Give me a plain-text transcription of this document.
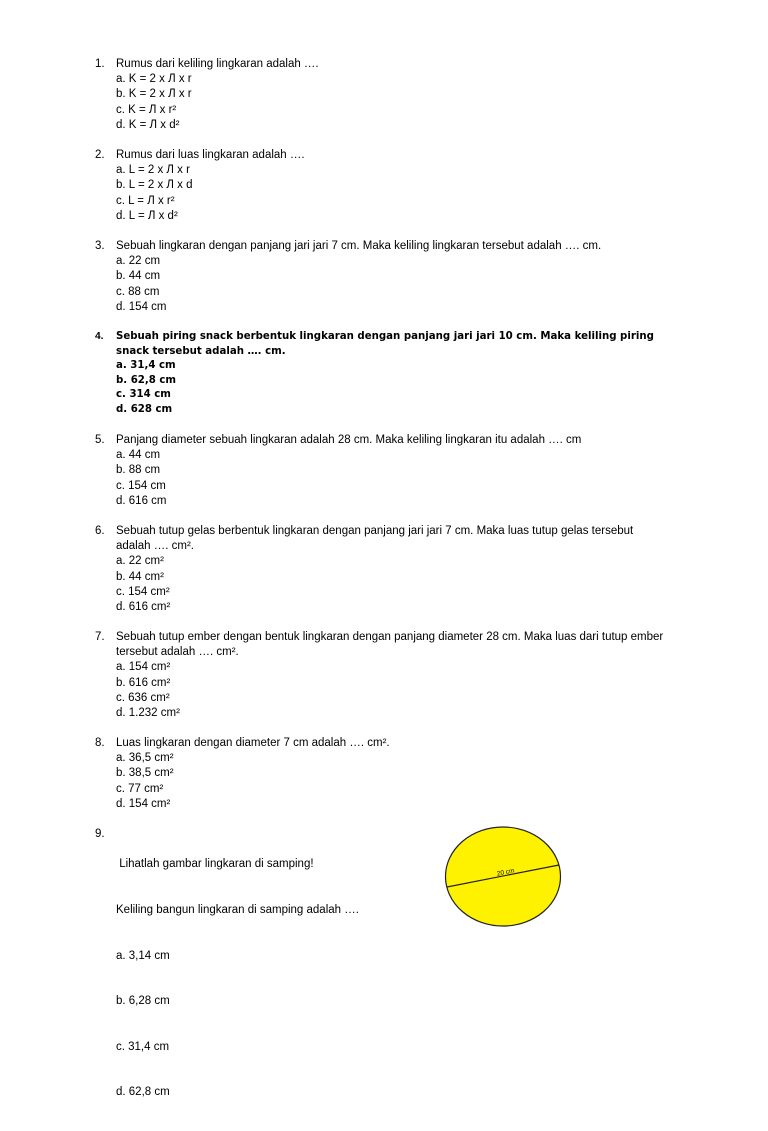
1. Rumus dari keliling lingkaran adalah ….
a. K = 2 x Л x r
b. K = 2 x Л x r
c. K = Л x r²
d. K = Л x d²
2. Rumus dari luas lingkaran adalah ….
a. L = 2 x Л x r
b. L = 2 x Л x d
c. L = Л x r²
d. L = Л x d²
3. Sebuah lingkaran dengan panjang jari jari 7 cm. Maka keliling lingkaran tersebut adalah …. cm.
a. 22 cm
b. 44 cm
c. 88 cm
d. 154 cm
4.	Sebuah piring snack berbentuk lingkaran dengan panjang jari jari 10 cm. Maka keliling piring snack tersebut adalah …. cm.
a. 31,4 cm
b. 62,8 cm
c. 314 cm
d. 628 cm
5. Panjang diameter sebuah lingkaran adalah 28 cm. Maka keliling lingkaran itu adalah …. cm
a. 44 cm
b. 88 cm
c. 154 cm
d. 616 cm
6. Sebuah tutup gelas berbentuk lingkaran dengan panjang jari jari 7 cm. Maka luas tutup gelas tersebut adalah …. cm².
a. 22 cm²
b. 44 cm²
c. 154 cm²
d. 616 cm²
7. Sebuah tutup ember dengan bentuk lingkaran dengan panjang diameter 28 cm. Maka luas dari tutup ember tersebut adalah …. cm².
a. 154 cm²
b. 616 cm²
c. 636 cm²
d. 1.232 cm²
8. Luas lingkaran dengan diameter 7 cm adalah …. cm².
a. 36,5 cm²
b. 38,5 cm²
c. 77 cm²
d. 154 cm²
9.

Lihatlah gambar lingkaran di samping!

Keliling bangun lingkaran di samping adalah ….

a. 3,14 cm

b. 6,28 cm

c. 31,4 cm

d. 62,8 cm

20 cm
